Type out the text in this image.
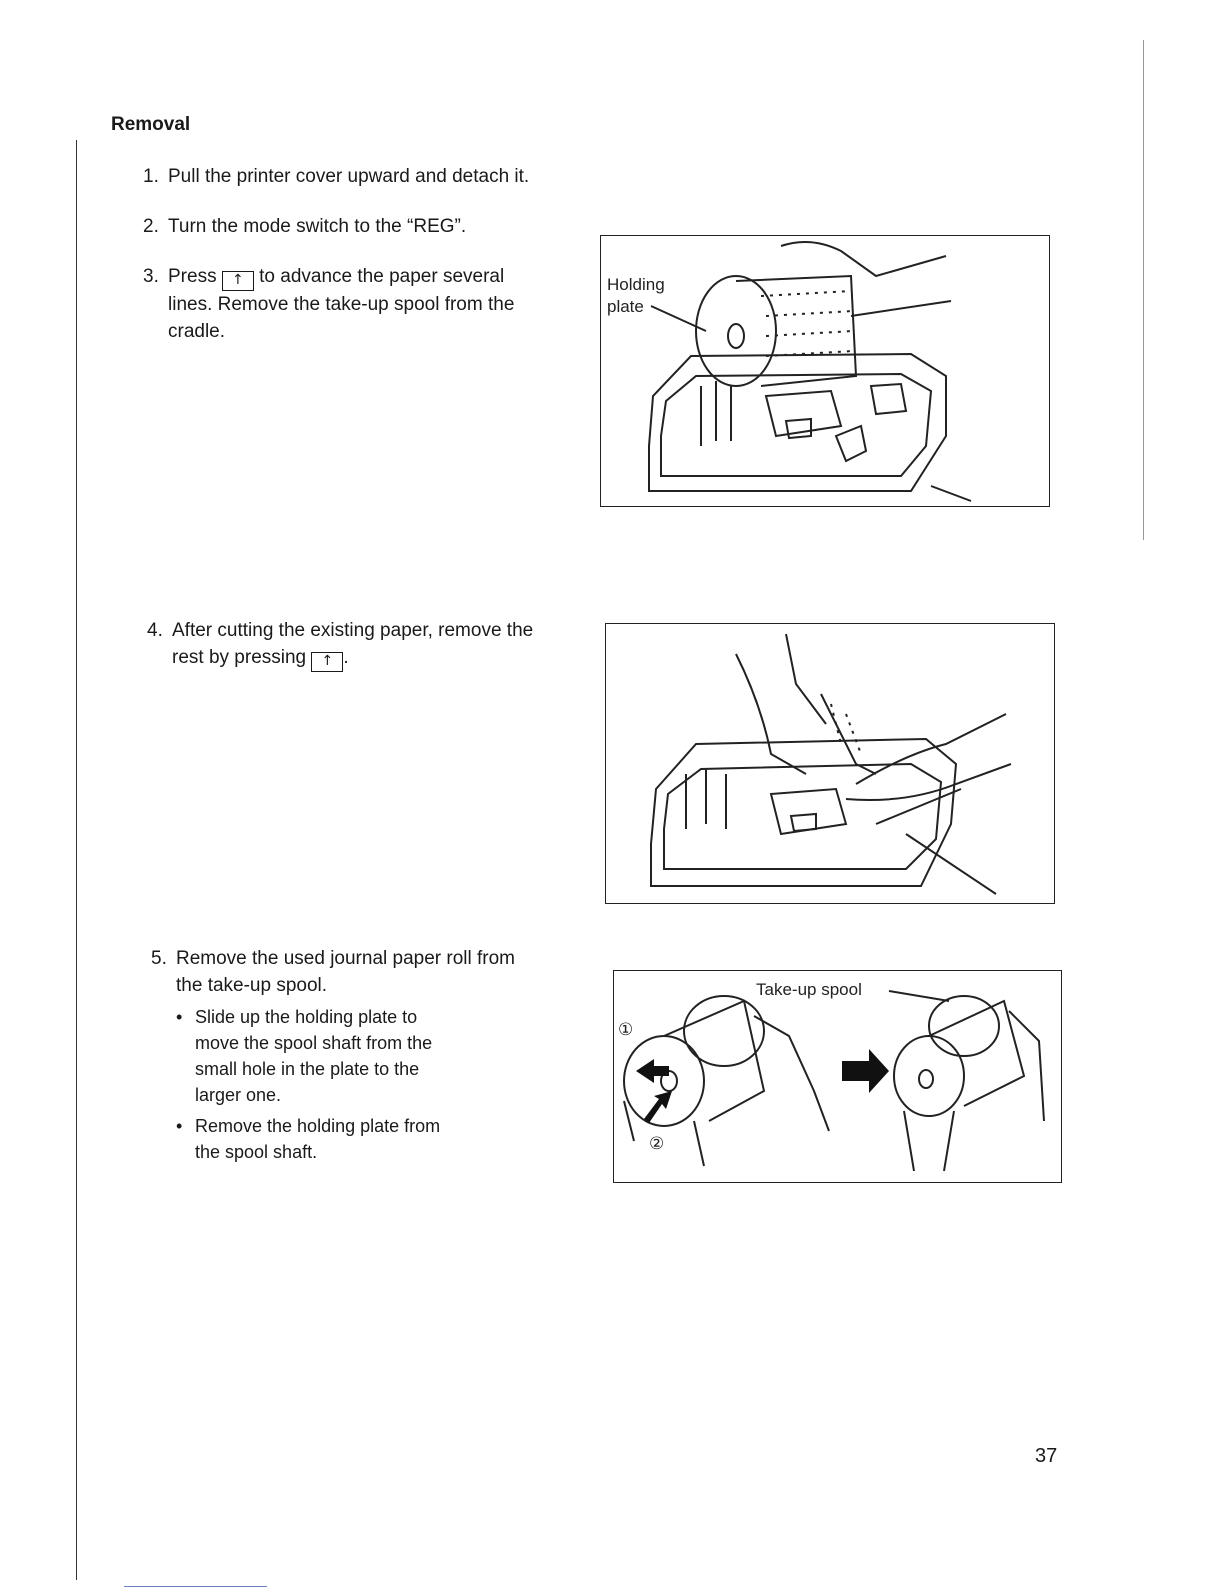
Removal
1. Pull the printer cover upward and detach it.
2. Turn the mode switch to the “REG”.
3. Press ↑ to advance the paper several
lines. Remove the take-up spool from the
cradle.
4. After cutting the existing paper, remove the
rest by pressing ↑ .
5. Remove the used journal paper roll from
the take-up spool.
• Slide up the holding plate to
move the spool shaft from the
small hole in the plate to the
larger one.
• Remove the holding plate from
the spool shaft.
Holding
plate
Take-up spool
①
②
37
